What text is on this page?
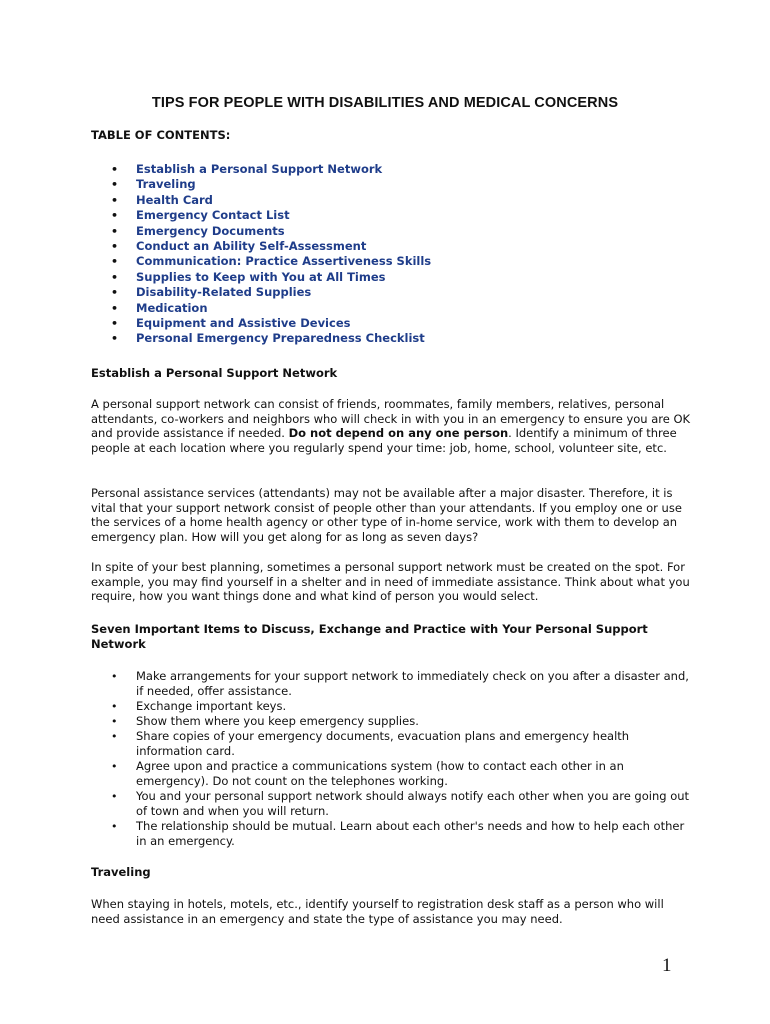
TIPS FOR PEOPLE WITH DISABILITIES AND MEDICAL CONCERNS
TABLE OF CONTENTS:
• Establish a Personal Support Network
• Traveling
• Health Card
• Emergency Contact List
• Emergency Documents
• Conduct an Ability Self-Assessment
• Communication: Practice Assertiveness Skills
• Supplies to Keep with You at All Times
• Disability-Related Supplies
• Medication
• Equipment and Assistive Devices
• Personal Emergency Preparedness Checklist
Establish a Personal Support Network

A personal support network can consist of friends, roommates, family members, relatives, personal attendants, co-workers and neighbors who will check in with you in an emergency to ensure you are OK and provide assistance if needed. Do not depend on any one person. Identify a minimum of three people at each location where you regularly spend your time: job, home, school, volunteer site, etc.

Personal assistance services (attendants) may not be available after a major disaster. Therefore, it is vital that your support network consist of people other than your attendants. If you employ one or use the services of a home health agency or other type of in-home service, work with them to develop an emergency plan. How will you get along for as long as seven days?

In spite of your best planning, sometimes a personal support network must be created on the spot. For example, you may find yourself in a shelter and in need of immediate assistance. Think about what you require, how you want things done and what kind of person you would select.

Seven Important Items to Discuss, Exchange and Practice with Your Personal Support Network
• Make arrangements for your support network to immediately check on you after a disaster and, if needed, offer assistance.
• Exchange important keys.
• Show them where you keep emergency supplies.
• Share copies of your emergency documents, evacuation plans and emergency health information card.
• Agree upon and practice a communications system (how to contact each other in an emergency). Do not count on the telephones working.
• You and your personal support network should always notify each other when you are going out of town and when you will return.
• The relationship should be mutual. Learn about each other's needs and how to help each other in an emergency.
Traveling

When staying in hotels, motels, etc., identify yourself to registration desk staff as a person who will need assistance in an emergency and state the type of assistance you may need.

1
